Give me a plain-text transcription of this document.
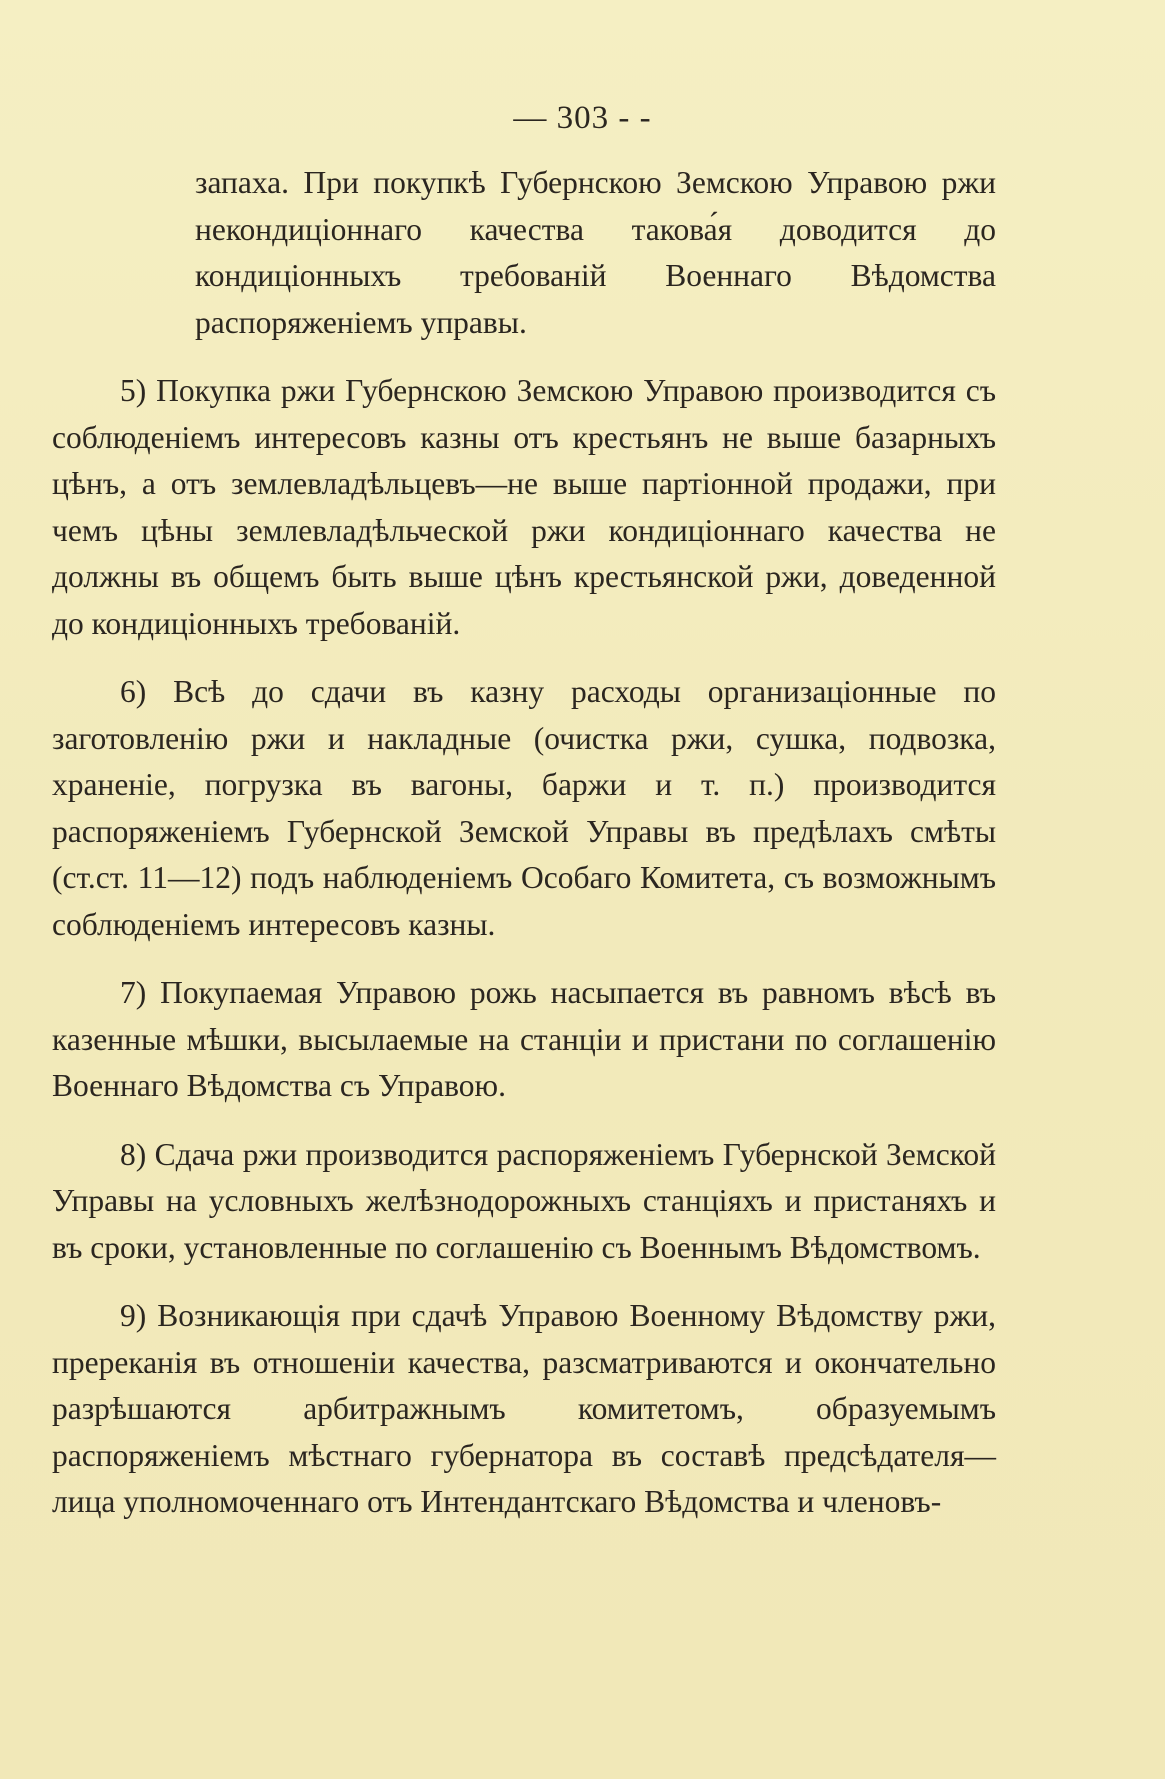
— 303 - -

запаха. При покупкѣ Губернскою Земскою Управою ржи некондиціоннаго качества такова́я доводится до кондиціонныхъ требованій Военнаго Вѣдомства распоряженіемъ управы.

5) Покупка ржи Губернскою Земскою Управою производится съ соблюденіемъ интересовъ казны отъ крестьянъ не выше базарныхъ цѣнъ, а отъ землевладѣльцевъ—не выше партіонной продажи, при чемъ цѣны землевладѣльческой ржи кондиціоннаго качества не должны въ общемъ быть выше цѣнъ крестьянской ржи, доведенной до кондиціонныхъ требованій.

6) Всѣ до сдачи въ казну расходы организаціонные по заготовленію ржи и накладные (очистка ржи, сушка, подвозка, храненіе, погрузка въ вагоны, баржи и т. п.) производится распоряженіемъ Губернской Земской Управы въ предѣлахъ смѣты (ст.ст. 11—12) подъ наблюденіемъ Особаго Комитета, съ возможнымъ соблюденіемъ интересовъ казны.

7) Покупаемая Управою рожь насыпается въ равномъ вѣсѣ въ казенные мѣшки, высылаемые на станціи и пристани по соглашенію Военнаго Вѣдомства съ Управою.

8) Сдача ржи производится распоряженіемъ Губернской Земской Управы на условныхъ желѣзнодорожныхъ станціяхъ и пристаняхъ и въ сроки, установленные по соглашенію съ Военнымъ Вѣдомствомъ.

9) Возникающія при сдачѣ Управою Военному Вѣдомству ржи, пререканія въ отношеніи качества, разсматриваются и окончательно разрѣшаются арбитражнымъ комитетомъ, образуемымъ распоряженіемъ мѣстнаго губернатора въ составѣ предсѣдателя—лица уполномоченнаго отъ Интендантскаго Вѣдомства и членовъ-
